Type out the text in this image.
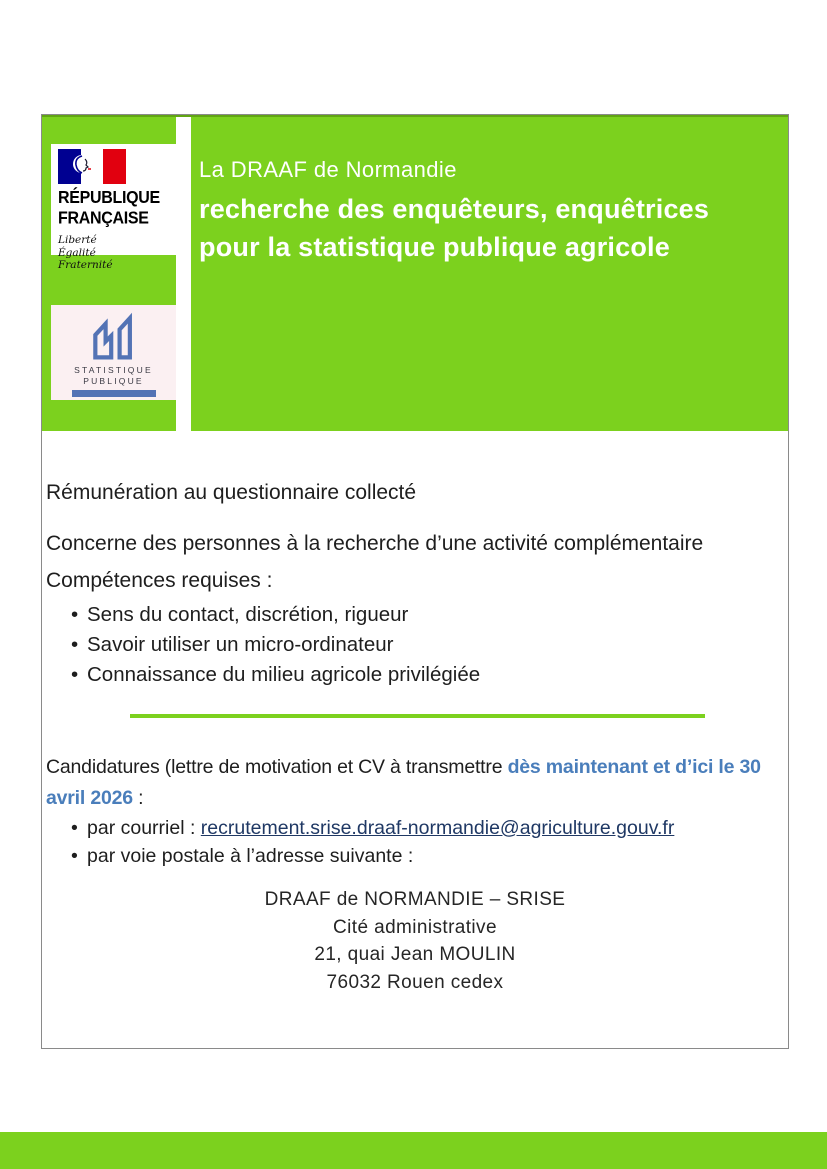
RÉPUBLIQUE
FRANÇAISE
Liberté
Égalité
Fraternité
STATISTIQUE
PUBLIQUE
La DRAAF de Normandie
recherche des enquêteurs, enquêtrices
pour la statistique publique agricole

Rémunération au questionnaire collecté

Concerne des personnes à la recherche d’une activité complémentaire

Compétences requises :

• Sens du contact, discrétion, rigueur
• Savoir utiliser un micro-ordinateur
• Connaissance du milieu agricole privilégiée

Candidatures (lettre de motivation et CV à transmettre dès maintenant et d’ici le 30 avril 2026 :

• par courriel : recrutement.srise.draaf-normandie@agriculture.gouv.fr
• par voie postale à l’adresse suivante :
DRAAF de NORMANDIE – SRISE
Cité administrative
21, quai Jean MOULIN
76032 Rouen cedex
